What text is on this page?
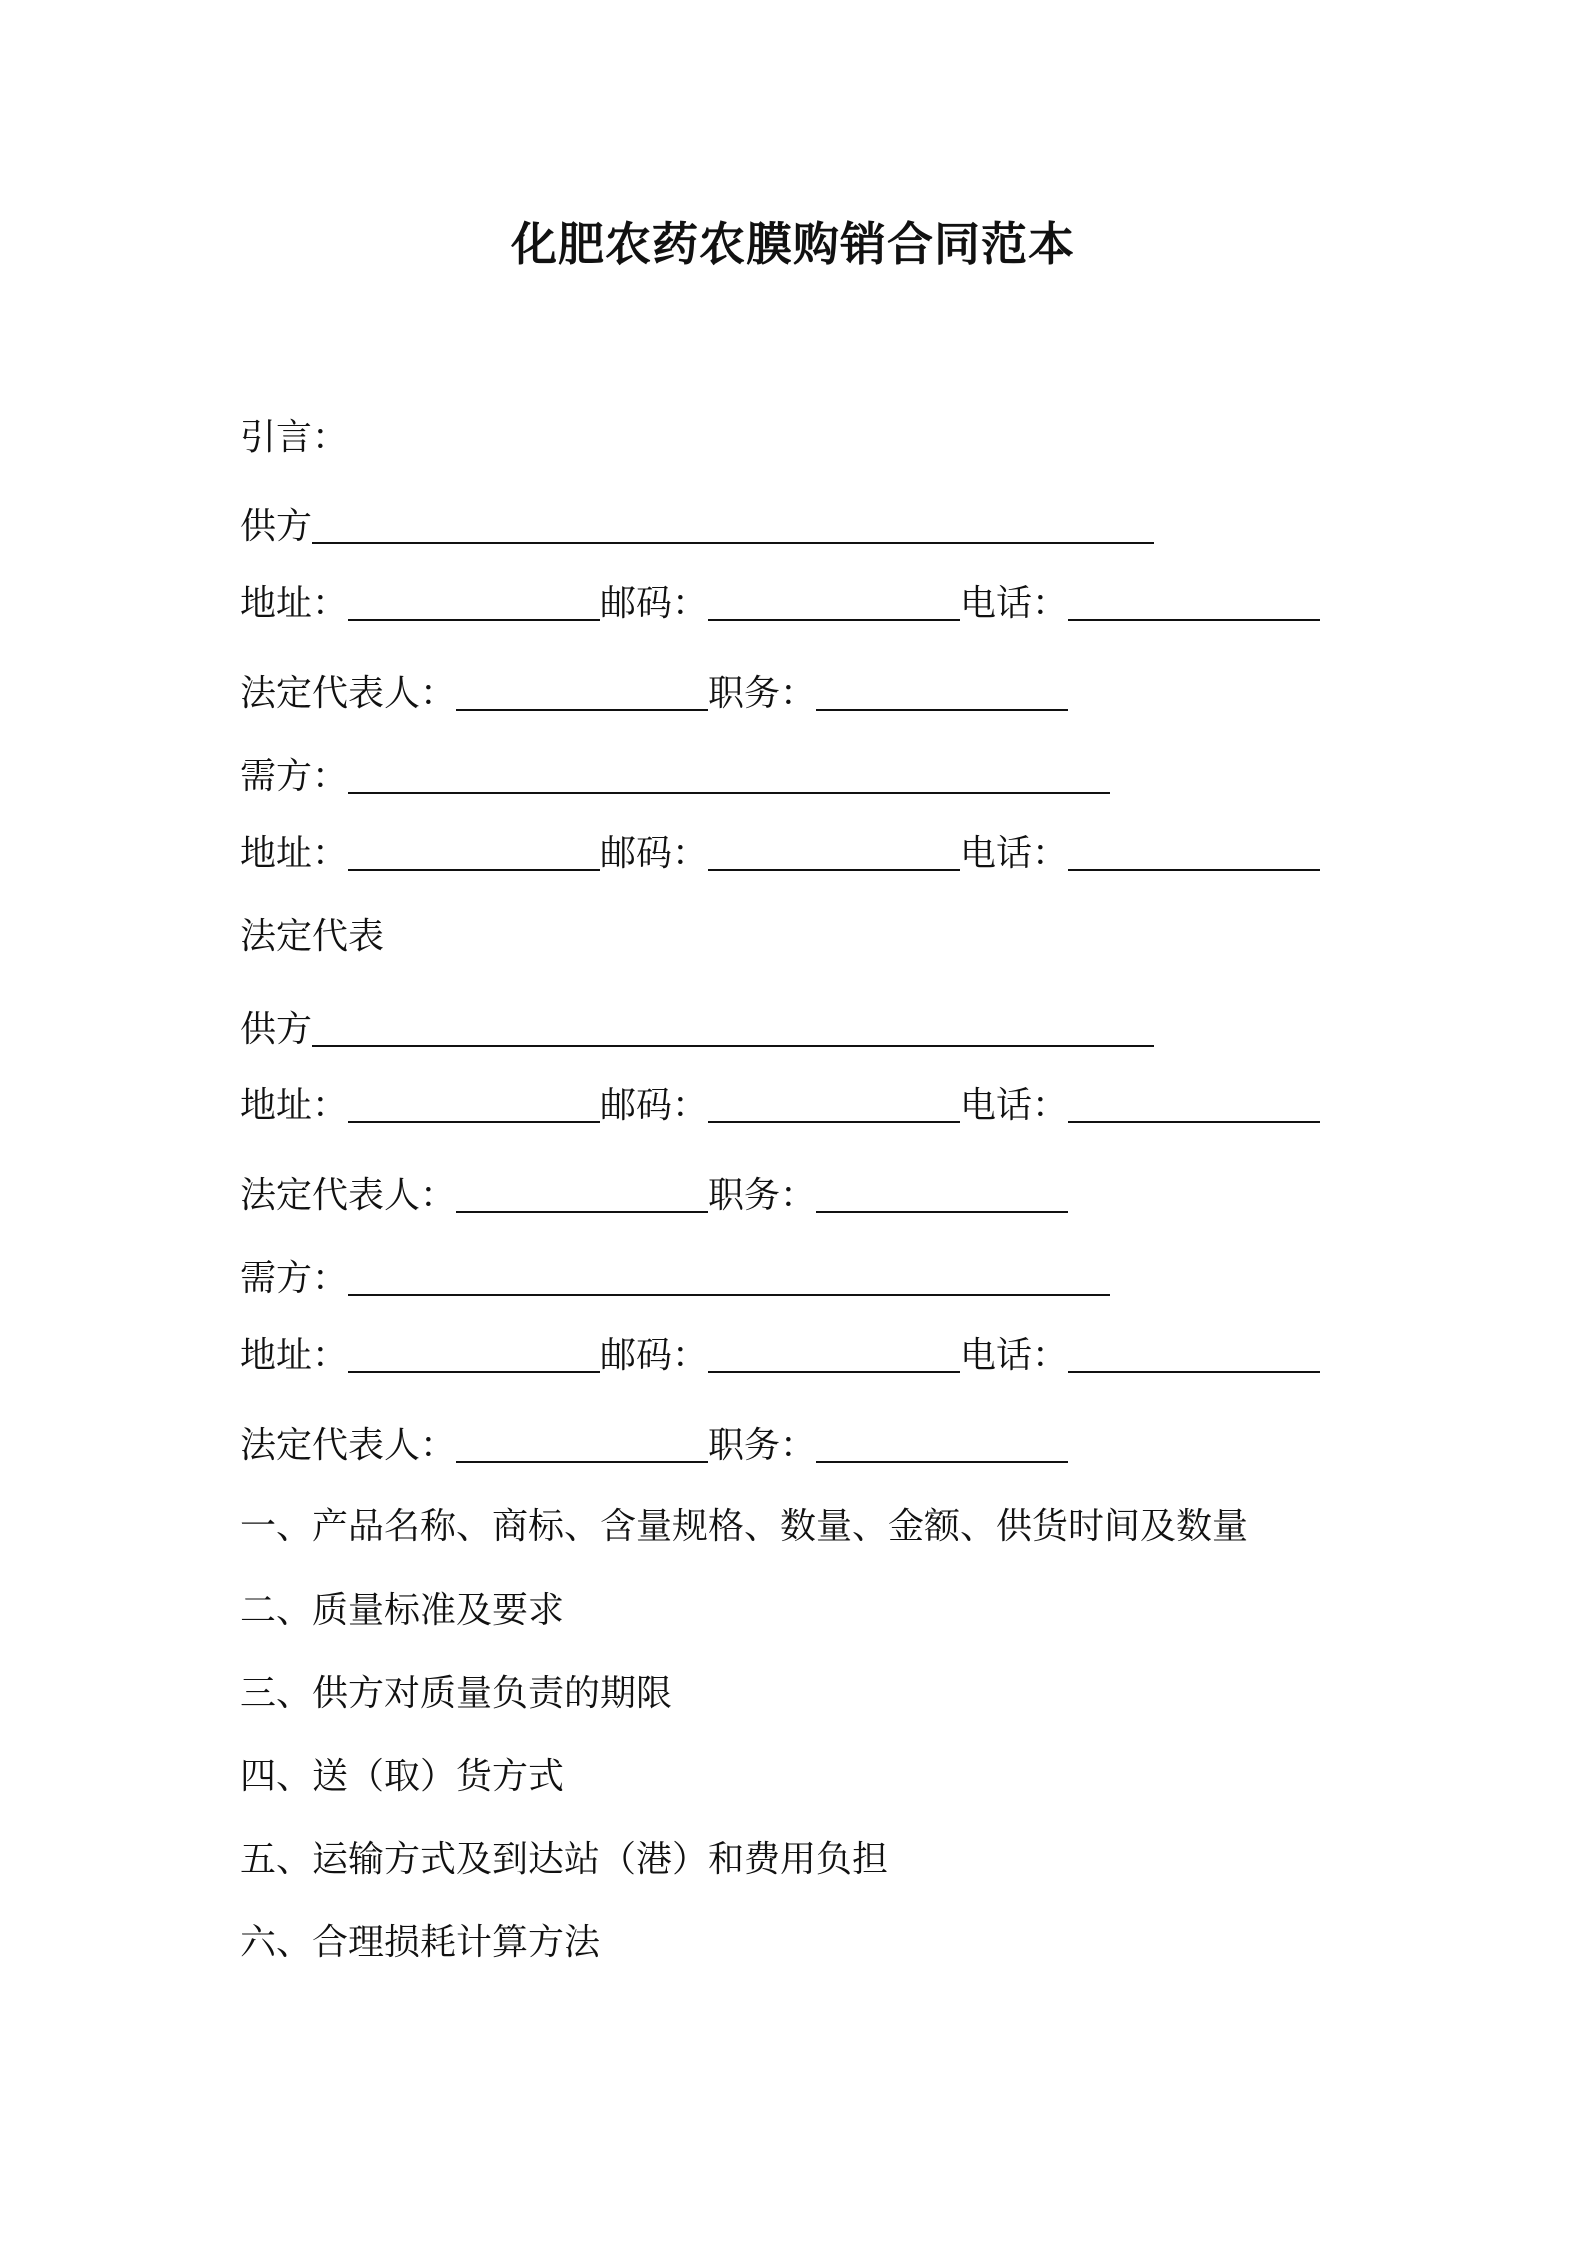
化肥农药农膜购销合同范本
引言：
供方
地址：	邮码：	电话：
法定代表人：	职务：
需方：
地址：	邮码：	电话：
法定代表
供方
地址：	邮码：	电话：
法定代表人：	职务：
需方：
地址：	邮码：	电话：
法定代表人：	职务：
一、产品名称、商标、含量规格、数量、金额、供货时间及数量
二、质量标准及要求
三、供方对质量负责的期限
四、送（取）货方式
五、运输方式及到达站（港）和费用负担
六、合理损耗计算方法
